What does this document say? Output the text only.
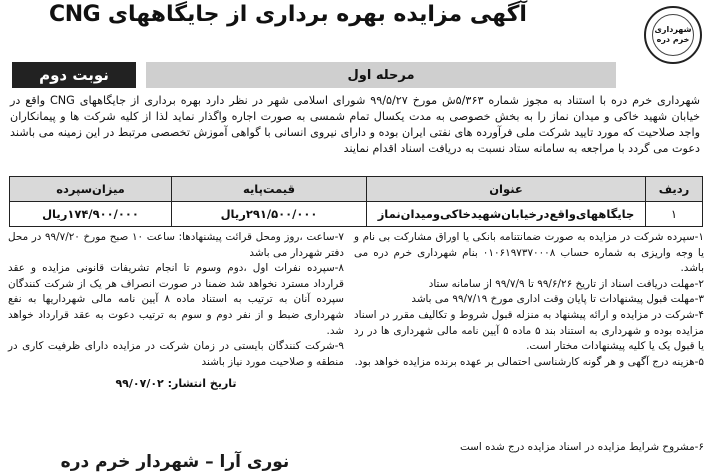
آگهی مزایده بهره برداری از جایگاههای CNG
شهرداری
خرم دره
نوبت دوم	مرحله اول
شهرداری خرم دره با استناد به مجوز شماره ۵/۳۶۳ش مورخ ۹۹/۵/۲۷ شورای اسلامی شهر در نظر دارد بهره برداری از جایگاههای CNG واقع در خیابان شهید خاکی و میدان نماز را به بخش خصوصی به مدت یکسال تمام شمسی به صورت اجاره واگذار نماید لذا از کلیه شرکت ها و پیمانکاران واجد صلاحیت که مورد تایید شرکت ملی فرآورده های نفتی ایران بوده و دارای نیروی انسانی با گواهی آموزش تخصصی مرتبط در این زمینه می باشند دعوت می گردد با مراجعه به سامانه ستاد نسبت به دریافت اسناد اقدام نمایند
ردیف	عنوان	قیمت‌پایه	میزان‌سپرده
۱	جایگاههای‌واقع‌در‌خیابان‌شهید‌خاکی‌و‌میدان‌نماز	۲۹۱/۵۰۰/۰۰۰ریال	۱۷۴/۹۰۰/۰۰۰ریال

۱-سپرده شرکت در مزایده به صورت ضمانتنامه بانکی یا اوراق مشارکت بی نام و یا وجه واریزی به شماره حساب ۰۱۰۶۱۹۷۳۷۰۰۰۸ بنام شهرداری خرم دره می باشد.

۲-مهلت دریافت اسناد از تاریخ ۹۹/۶/۲۶ تا ۹۹/۷/۹ از سامانه ستاد

۳-مهلت قبول پیشنهادات تا پایان وقت اداری مورخ ۹۹/۷/۱۹ می باشد

۴-شرکت در مزایده و ارائه پیشنهاد به منزله قبول شروط و تکالیف مقرر در اسناد مزایده بوده و شهرداری به استناد بند ۵ ماده ۵ آیین نامه مالی شهرداری ها در رد یا قبول یک یا کلیه پیشنهادات مختار است.

۵-هزینه درج آگهی و هر گونه کارشناسی احتمالی بر عهده برنده مزایده خواهد بود.

۷-ساعت ،روز ومحل قرائت پیشنهادها: ساعت ۱۰ صبح مورخ ۹۹/۷/۲۰ در محل دفتر شهردار می باشد

۸-سپرده نفرات اول ،دوم وسوم تا انجام تشریفات قانونی مزایده و عقد قرارداد مسترد نخواهد شد ضمنا در صورت انصراف هر یک از شرکت کنندگان سپرده آنان به ترتیب به استناد ماده ۸ آیین نامه مالی شهرداریها به نفع شهرداری ضبط و از نفر دوم و سوم به ترتیب دعوت به عقد قرارداد خواهد شد.

۹-شرکت کنندگان بایستی در زمان شرکت در مزایده دارای ظرفیت کاری در منطقه و صلاحیت مورد نیاز باشند

تاریخ انتشار: ۹۹/۰۷/۰۲

۶-مشروح شرایط مزایده در اسناد مزایده درج شده است
نوری آرا – شهردار خرم دره
